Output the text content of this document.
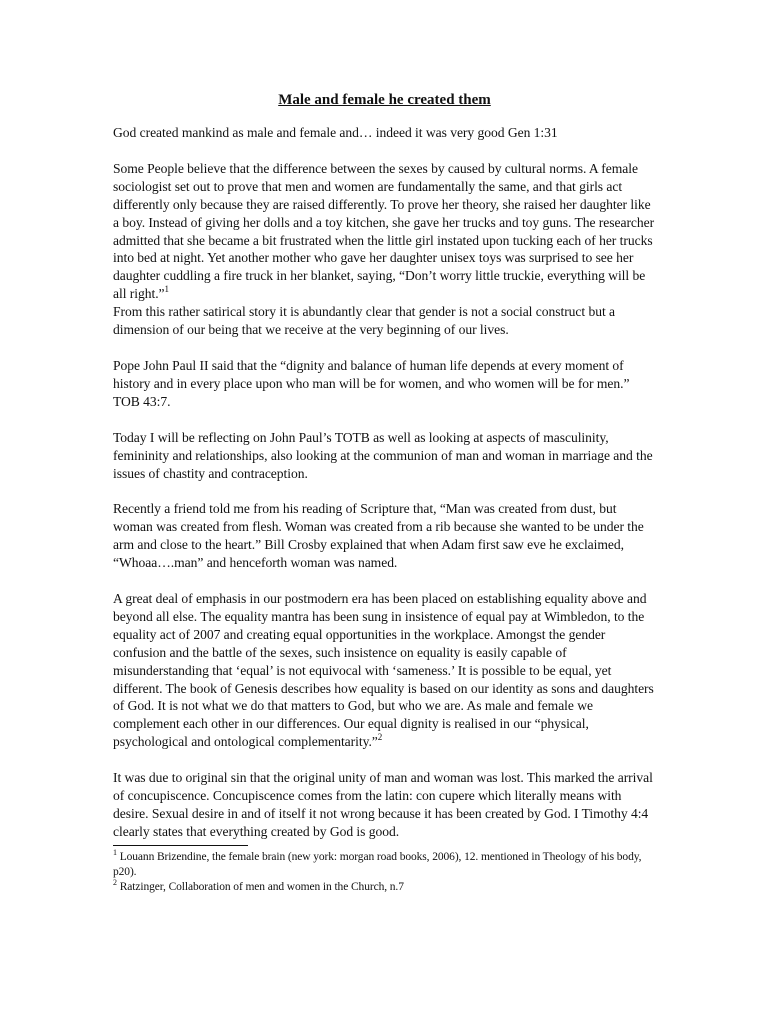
Male and female he created them

God created mankind as male and female and… indeed it was very good Gen 1:31

Some People believe that the difference between the sexes by caused by cultural norms. A female sociologist set out to prove that men and women are fundamentally the same, and that girls act differently only because they are raised differently. To prove her theory, she raised her daughter like a boy. Instead of giving her dolls and a toy kitchen, she gave her trucks and toy guns. The researcher admitted that she became a bit frustrated when the little girl instated upon tucking each of her trucks into bed at night. Yet another mother who gave her daughter unisex toys was surprised to see her daughter cuddling a fire truck in her blanket, saying, “Don’t worry little truckie, everything will be all right.”$^1$

From this rather satirical story it is abundantly clear that gender is not a social construct but a dimension of our being that we receive at the very beginning of our lives.

Pope John Paul II said that the “dignity and balance of human life depends at every moment of history and in every place upon who man will be for women, and who women will be for men.” TOB 43:7.

Today I will be reflecting on John Paul’s TOTB as well as looking at aspects of masculinity, femininity and relationships, also looking at the communion of man and woman in marriage and the issues of chastity and contraception.

Recently a friend told me from his reading of Scripture that, “Man was created from dust, but woman was created from flesh. Woman was created from a rib because she wanted to be under the arm and close to the heart.” Bill Crosby explained that when Adam first saw eve he exclaimed, “Whoaa….man” and henceforth woman was named.

A great deal of emphasis in our postmodern era has been placed on establishing equality above and beyond all else. The equality mantra has been sung in insistence of equal pay at Wimbledon, to the equality act of 2007 and creating equal opportunities in the workplace. Amongst the gender confusion and the battle of the sexes, such insistence on equality is easily capable of misunderstanding that ‘equal’ is not equivocal with ‘sameness.’ It is possible to be equal, yet different. The book of Genesis describes how equality is based on our identity as sons and daughters of God. It is not what we do that matters to God, but who we are. As male and female we complement each other in our differences. Our equal dignity is realised in our “physical, psychological and ontological complementarity.”$^2$

It was due to original sin that the original unity of man and woman was lost. This marked the arrival of concupiscence. Concupiscence comes from the latin: con cupere which literally means with desire. Sexual desire in and of itself it not wrong because it has been created by God. I Timothy 4:4 clearly states that everything created by God is good.

$^1$ Louann Brizendine, the female brain (new york: morgan road books, 2006), 12. mentioned in Theology of his body, p20).

$^2$ Ratzinger, Collaboration of men and women in the Church, n.7
